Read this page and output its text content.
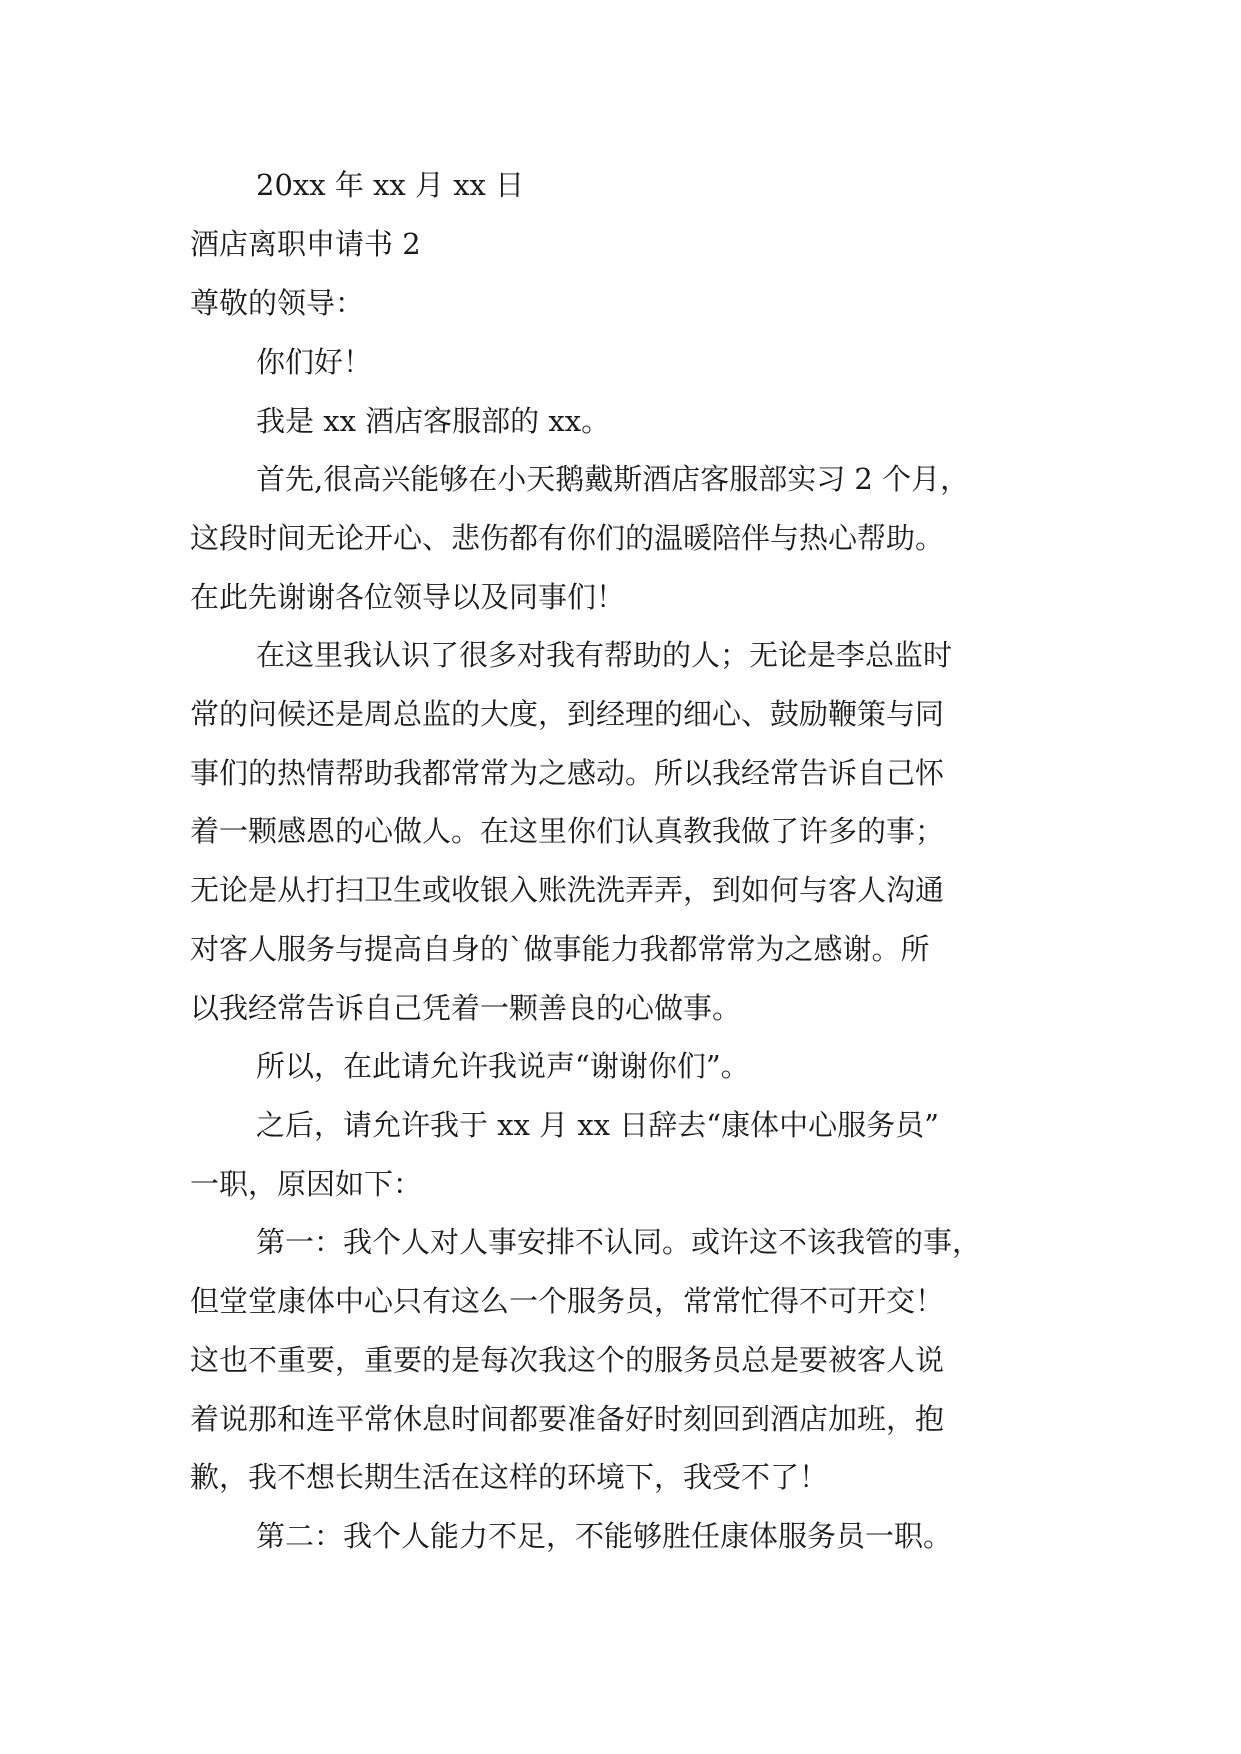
20xx 年 xx 月 xx 日

酒店离职申请书 2

尊敬的领导：

你们好！

我是 xx 酒店客服部的 xx。

首先,很高兴能够在小天鹅戴斯酒店客服部实习 2 个月，

这段时间无论开心、悲伤都有你们的温暖陪伴与热心帮助。

在此先谢谢各位领导以及同事们！

在这里我认识了很多对我有帮助的人；无论是李总监时

常的问候还是周总监的大度，到经理的细心、鼓励鞭策与同

事们的热情帮助我都常常为之感动。所以我经常告诉自己怀

着一颗感恩的心做人。在这里你们认真教我做了许多的事；

无论是从打扫卫生或收银入账洗洗弄弄，到如何与客人沟通

对客人服务与提高自身的`做事能力我都常常为之感谢。所

以我经常告诉自己凭着一颗善良的心做事。

所以，在此请允许我说声“谢谢你们”。

之后，请允许我于 xx 月 xx 日辞去“康体中心服务员”

一职，原因如下：

第一：我个人对人事安排不认同。或许这不该我管的事，

但堂堂康体中心只有这么一个服务员，常常忙得不可开交！

这也不重要，重要的是每次我这个的服务员总是要被客人说

着说那和连平常休息时间都要准备好时刻回到酒店加班，抱

歉，我不想长期生活在这样的环境下，我受不了！

第二：我个人能力不足，不能够胜任康体服务员一职。
